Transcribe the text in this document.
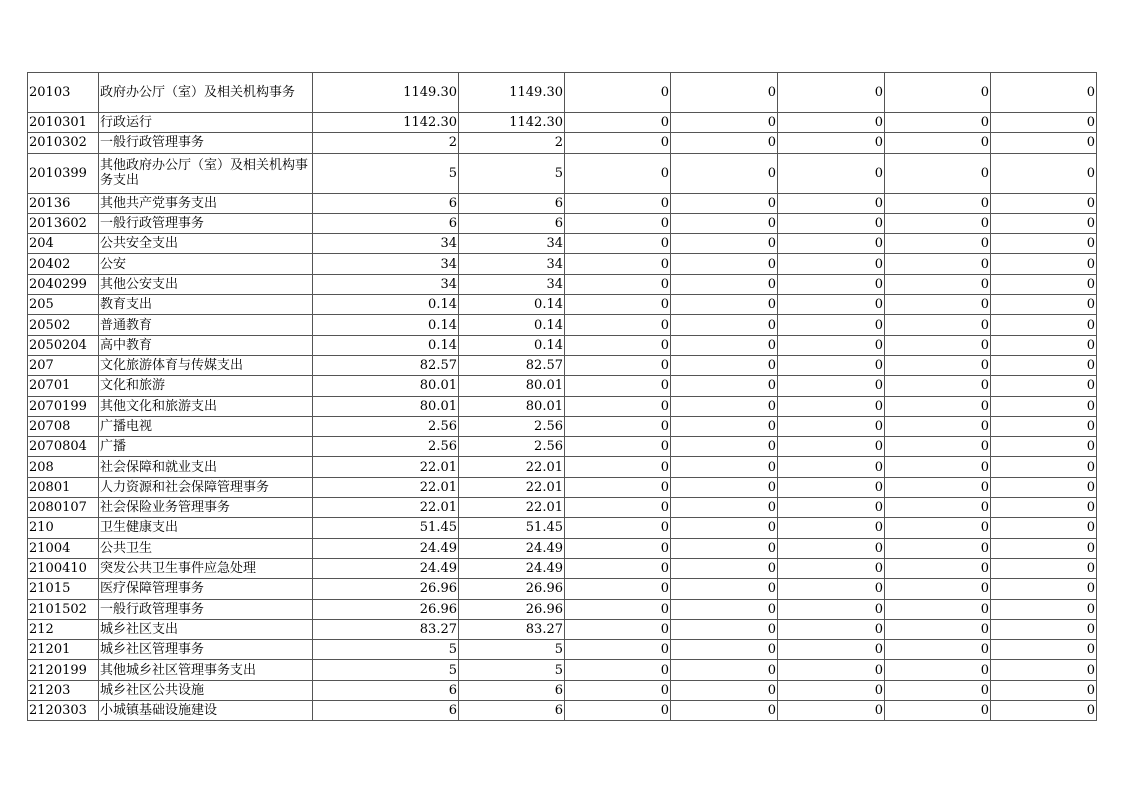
20103	政府办公厅（室）及相关机构事务	1149.30	1149.30	0	0	0	0	0
2010301	行政运行	1142.30	1142.30	0	0	0	0	0
2010302	一般行政管理事务	2	2	0	0	0	0	0
2010399	其他政府办公厅（室）及相关机构事务支出	5	5	0	0	0	0	0
20136	其他共产党事务支出	6	6	0	0	0	0	0
2013602	一般行政管理事务	6	6	0	0	0	0	0
204	公共安全支出	34	34	0	0	0	0	0
20402	公安	34	34	0	0	0	0	0
2040299	其他公安支出	34	34	0	0	0	0	0
205	教育支出	0.14	0.14	0	0	0	0	0
20502	普通教育	0.14	0.14	0	0	0	0	0
2050204	高中教育	0.14	0.14	0	0	0	0	0
207	文化旅游体育与传媒支出	82.57	82.57	0	0	0	0	0
20701	文化和旅游	80.01	80.01	0	0	0	0	0
2070199	其他文化和旅游支出	80.01	80.01	0	0	0	0	0
20708	广播电视	2.56	2.56	0	0	0	0	0
2070804	广播	2.56	2.56	0	0	0	0	0
208	社会保障和就业支出	22.01	22.01	0	0	0	0	0
20801	人力资源和社会保障管理事务	22.01	22.01	0	0	0	0	0
2080107	社会保险业务管理事务	22.01	22.01	0	0	0	0	0
210	卫生健康支出	51.45	51.45	0	0	0	0	0
21004	公共卫生	24.49	24.49	0	0	0	0	0
2100410	突发公共卫生事件应急处理	24.49	24.49	0	0	0	0	0
21015	医疗保障管理事务	26.96	26.96	0	0	0	0	0
2101502	一般行政管理事务	26.96	26.96	0	0	0	0	0
212	城乡社区支出	83.27	83.27	0	0	0	0	0
21201	城乡社区管理事务	5	5	0	0	0	0	0
2120199	其他城乡社区管理事务支出	5	5	0	0	0	0	0
21203	城乡社区公共设施	6	6	0	0	0	0	0
2120303	小城镇基础设施建设	6	6	0	0	0	0	0
